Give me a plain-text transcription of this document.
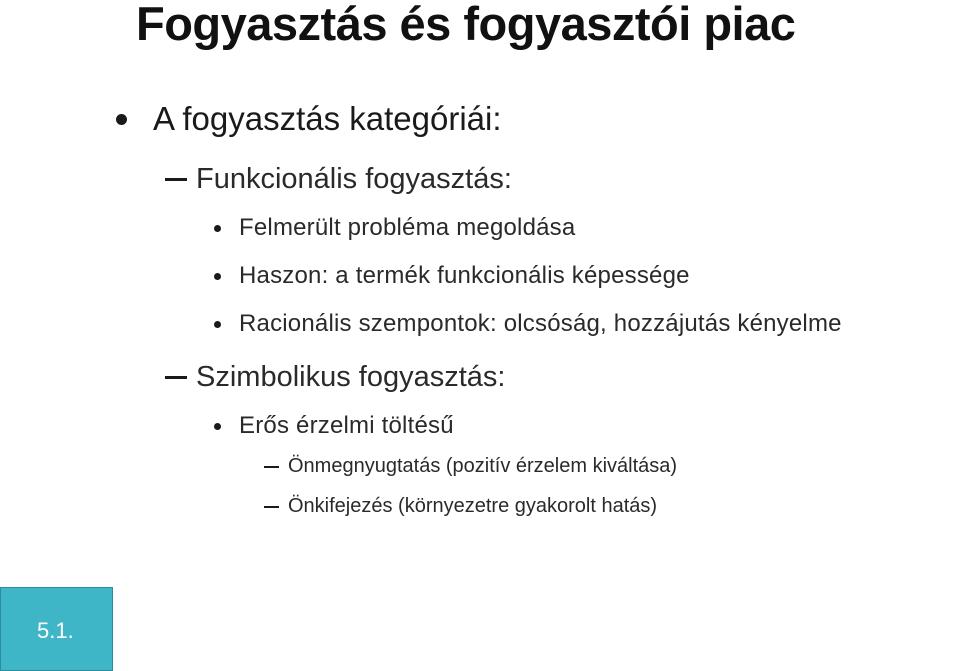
Fogyasztás és fogyasztói piac
A fogyasztás kategóriái:
Funkcionális fogyasztás:
Felmerült probléma megoldása
Haszon: a termék funkcionális képessége
Racionális szempontok: olcsóság, hozzájutás kényelme
Szimbolikus fogyasztás:
Erős érzelmi töltésű
Önmegnyugtatás (pozitív érzelem kiváltása)
Önkifejezés (környezetre gyakorolt hatás)
5.1.
